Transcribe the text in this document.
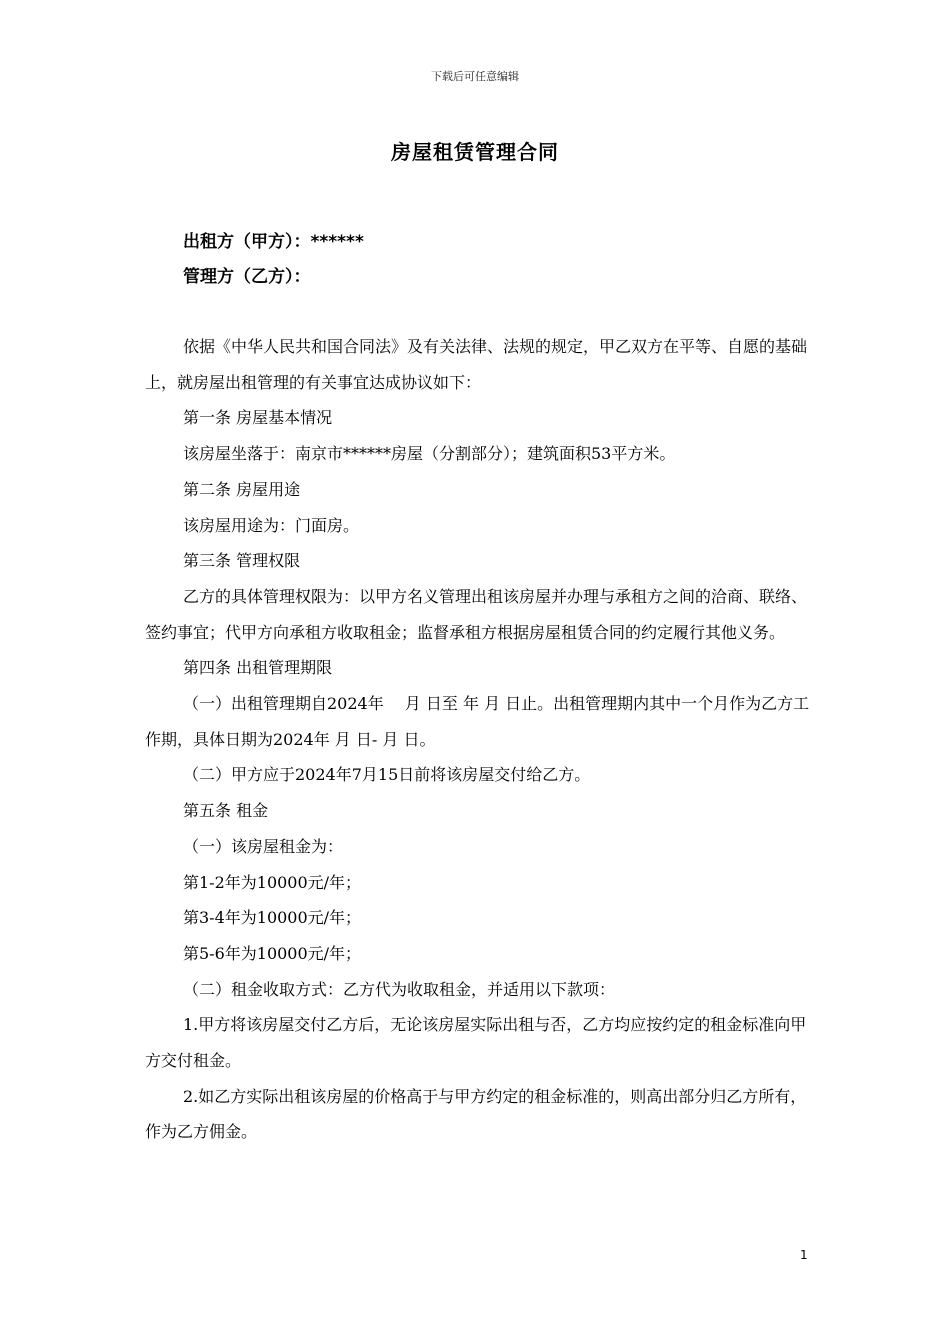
下载后可任意编辑
房屋租赁管理合同
出租方（甲方）：******
管理方（乙方）：

依据《中华人民共和国合同法》及有关法律、法规的规定，甲乙双方在平等、自愿的基础上，就房屋出租管理的有关事宜达成协议如下：

第一条 房屋基本情况

该房屋坐落于：南京市******房屋（分割部分）；建筑面积53平方米。

第二条 房屋用途

该房屋用途为：门面房。

第三条 管理权限

乙方的具体管理权限为：以甲方名义管理出租该房屋并办理与承租方之间的洽商、联络、签约事宜；代甲方向承租方收取租金；监督承租方根据房屋租赁合同的约定履行其他义务。

第四条 出租管理期限

（一）出租管理期自2024年　 月 日至 年 月 日止。出租管理期内其中一个月作为乙方工作期，具体日期为2024年 月 日- 月 日。

（二）甲方应于2024年7月15日前将该房屋交付给乙方。

第五条 租金

（一）该房屋租金为：

第1-2年为10000元/年；

第3-4年为10000元/年；

第5-6年为10000元/年；

（二）租金收取方式：乙方代为收取租金，并适用以下款项：

1.甲方将该房屋交付乙方后，无论该房屋实际出租与否，乙方均应按约定的租金标准向甲方交付租金。

2.如乙方实际出租该房屋的价格高于与甲方约定的租金标准的，则高出部分归乙方所有，作为乙方佣金。

1
